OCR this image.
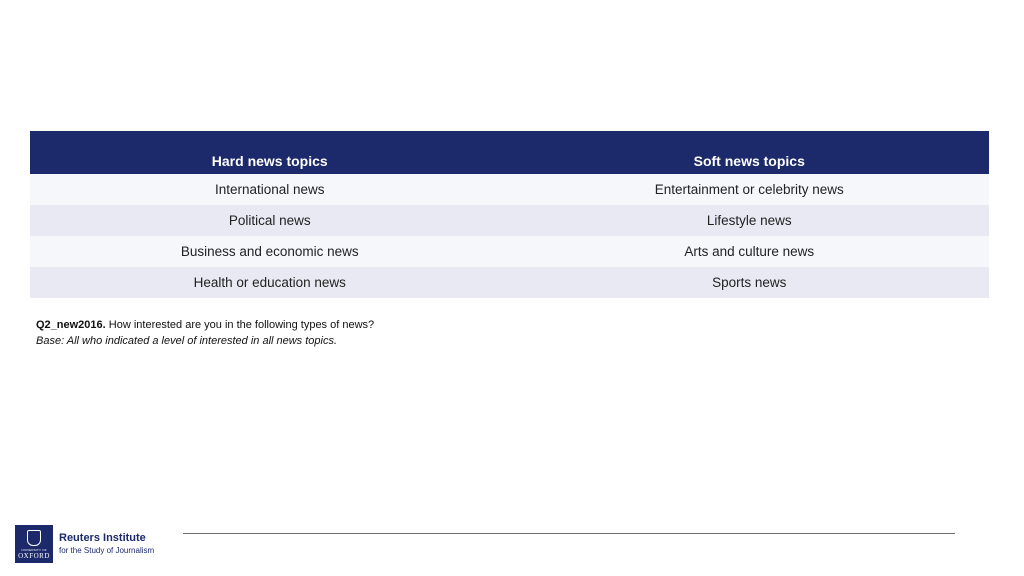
Hard news topics	Soft news topics
International news	Entertainment or celebrity news
Political news	Lifestyle news
Business and economic news	Arts and culture news
Health or education news	Sports news
Q2_new2016. How interested are you in the following types of news?
Base: All who indicated a level of interested in all news topics.
UNIVERSITY OF
OXFORD
Reuters Institute
for the Study of Journalism
